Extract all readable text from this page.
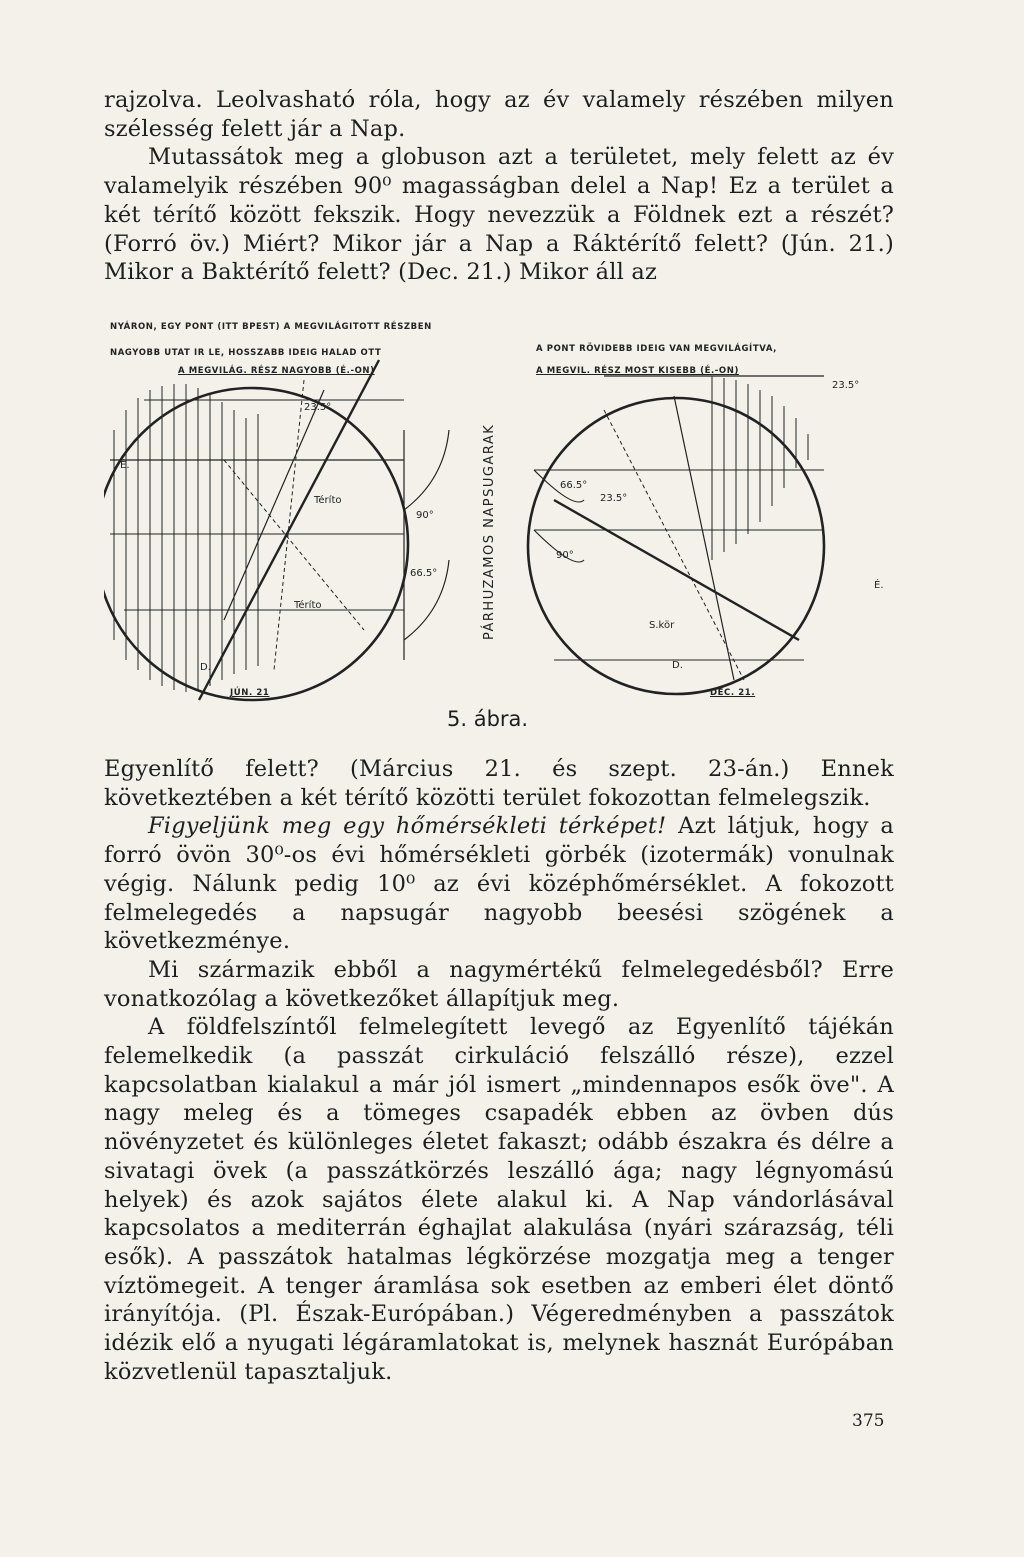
rajzolva. Leolvasható róla, hogy az év valamely részében milyen szélesség felett jár a Nap.

Mutassátok meg a globuson azt a területet, mely felett az év valamelyik részében 90⁰ magasságban delel a Nap! Ez a terület a két térítő között fekszik. Hogy nevezzük a Földnek ezt a részét? (Forró öv.) Miért? Mikor jár a Nap a Ráktérítő felett? (Jún. 21.) Mikor a Baktérítő felett? (Dec. 21.) Mikor áll az

NYÁRON, EGY PONT (ITT BPEST) A MEGVILÁGITOTT RÉSZBEN
NAGYOBB UTAT IR LE, HOSSZABB IDEIG HALAD OTT
A MEGVILÁG. RÉSZ NAGYOBB (É.-ON)
A PONT RÖVIDEBB IDEIG VAN MEGVILÁGÍTVA,
A MEGVIL. RÉSZ MOST KISEBB (É.-ON)
PÁRHUZAMOS NAPSUGARAK
23.5°
Téríto
Téríto
90°
66.5°
É.
D.
23.5°
66.5°
23.5°
90°
S.kör
É.
D.
JÚN. 21	DEC. 21.
5. ábra.

Egyenlítő felett? (Március 21. és szept. 23-án.) Ennek következtében a két térítő közötti terület fokozottan felmelegszik.

Figyeljünk meg egy hőmérsékleti térképet! Azt látjuk, hogy a forró övön 30⁰-os évi hőmérsékleti görbék (izotermák) vonulnak végig. Nálunk pedig 10⁰ az évi középhőmérséklet. A fokozott felmelegedés a napsugár nagyobb beesési szögének a következménye.

Mi származik ebből a nagymértékű felmelegedésből? Erre vonatkozólag a következőket állapítjuk meg.

A földfelszíntől felmelegített levegő az Egyenlítő tájékán felemelkedik (a passzát cirkuláció felszálló része), ezzel kapcsolatban kialakul a már jól ismert „mindennapos esők öve". A nagy meleg és a tömeges csapadék ebben az övben dús növényzetet és különleges életet fakaszt; odább északra és délre a sivatagi övek (a passzátkörzés leszálló ága; nagy légnyomású helyek) és azok sajátos élete alakul ki. A Nap vándorlásával kapcsolatos a mediterrán éghajlat alakulása (nyári szárazság, téli esők). A passzátok hatalmas légkörzése mozgatja meg a tenger víztömegeit. A tenger áramlása sok esetben az emberi élet döntő irányítója. (Pl. Észak-Európában.) Végeredményben a passzátok idézik elő a nyugati légáramlatokat is, melynek hasznát Európában közvetlenül tapasztaljuk.

375
